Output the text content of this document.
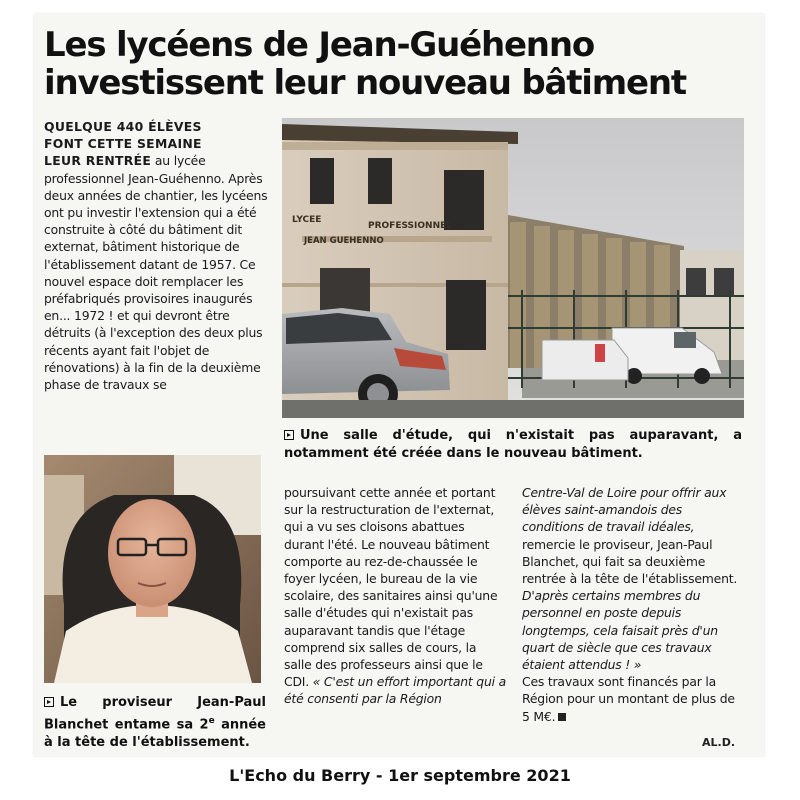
Les lycéens de Jean-Guéhenno
investissent leur nouveau bâtiment
QUELQUE 440 ÉLÈVES
FONT CETTE SEMAINE
LEUR RENTRÉE au lycée professionnel Jean-Guéhenno. Après deux années de chantier, les lycéens ont pu investir l'extension qui a été construite à côté du bâtiment dit externat, bâtiment historique de l'établissement datant de 1957. Ce nouvel espace doit remplacer les préfabriqués provisoires inaugurés en... 1972 ! et qui devront être détruits (à l'exception des deux plus récents ayant fait l'objet de rénovations) à la fin de la deuxième phase de travaux se
LYCEE
PROFESSIONNEL
JEAN GUEHENNO
Une salle d'étude, qui n'existait pas auparavant, a notamment été créée dans le nouveau bâtiment.
Le proviseur Jean-Paul Blanchet entame sa 2e année à la tête de l'établissement.
poursuivant cette année et portant sur la restructuration de l'externat, qui a vu ses cloisons abattues durant l'été. Le nouveau bâtiment comporte au rez-de-chaussée le foyer lycéen, le bureau de la vie scolaire, des sanitaires ainsi qu'une salle d'études qui n'existait pas auparavant tandis que l'étage comprend six salles de cours, la salle des professeurs ainsi que le CDI. « C'est un effort important qui a été consenti par la Région
Centre-Val de Loire pour offrir aux élèves saint-amandois des conditions de travail idéales, remercie le proviseur, Jean-Paul Blanchet, qui fait sa deuxième rentrée à la tête de l'établissement. D'après certains membres du personnel en poste depuis longtemps, cela faisait près d'un quart de siècle que ces travaux étaient attendus ! »
Ces travaux sont financés par la Région pour un montant de plus de 5 M€.
AL.D.
L'Echo du Berry - 1er septembre 2021
